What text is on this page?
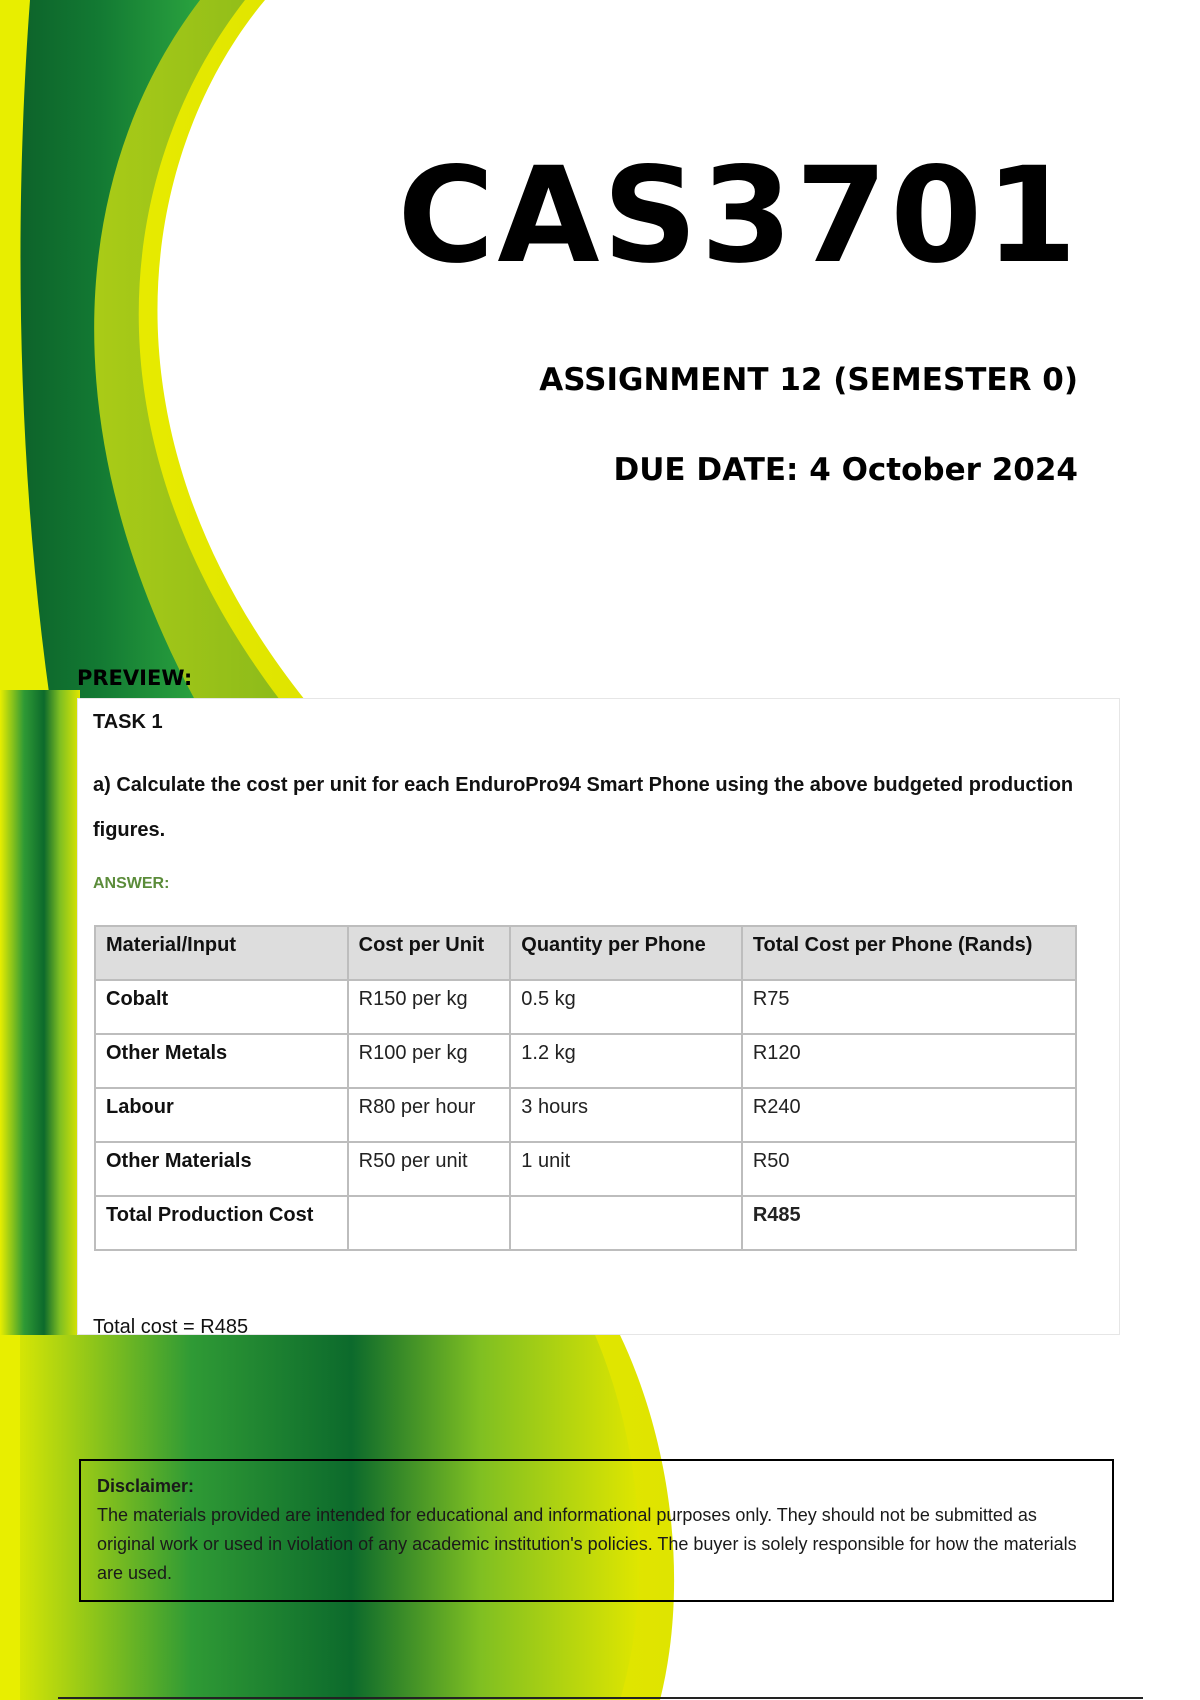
CAS3701
ASSIGNMENT 12 (SEMESTER 0)
DUE DATE: 4 October 2024
PREVIEW:
TASK 1
a) Calculate the cost per unit for each EnduroPro94 Smart Phone using the above budgeted production figures.
ANSWER:
Material/Input	Cost per Unit	Quantity per Phone	Total Cost per Phone (Rands)
Cobalt	R150 per kg	0.5 kg	R75
Other Metals	R100 per kg	1.2 kg	R120
Labour	R80 per hour	3 hours	R240
Other Materials	R50 per unit	1 unit	R50
Total Production Cost			R485
Total cost = R485
Disclaimer:
The materials provided are intended for educational and informational purposes only. They should not be submitted as original work or used in violation of any academic institution's policies. The buyer is solely responsible for how the materials are used.
